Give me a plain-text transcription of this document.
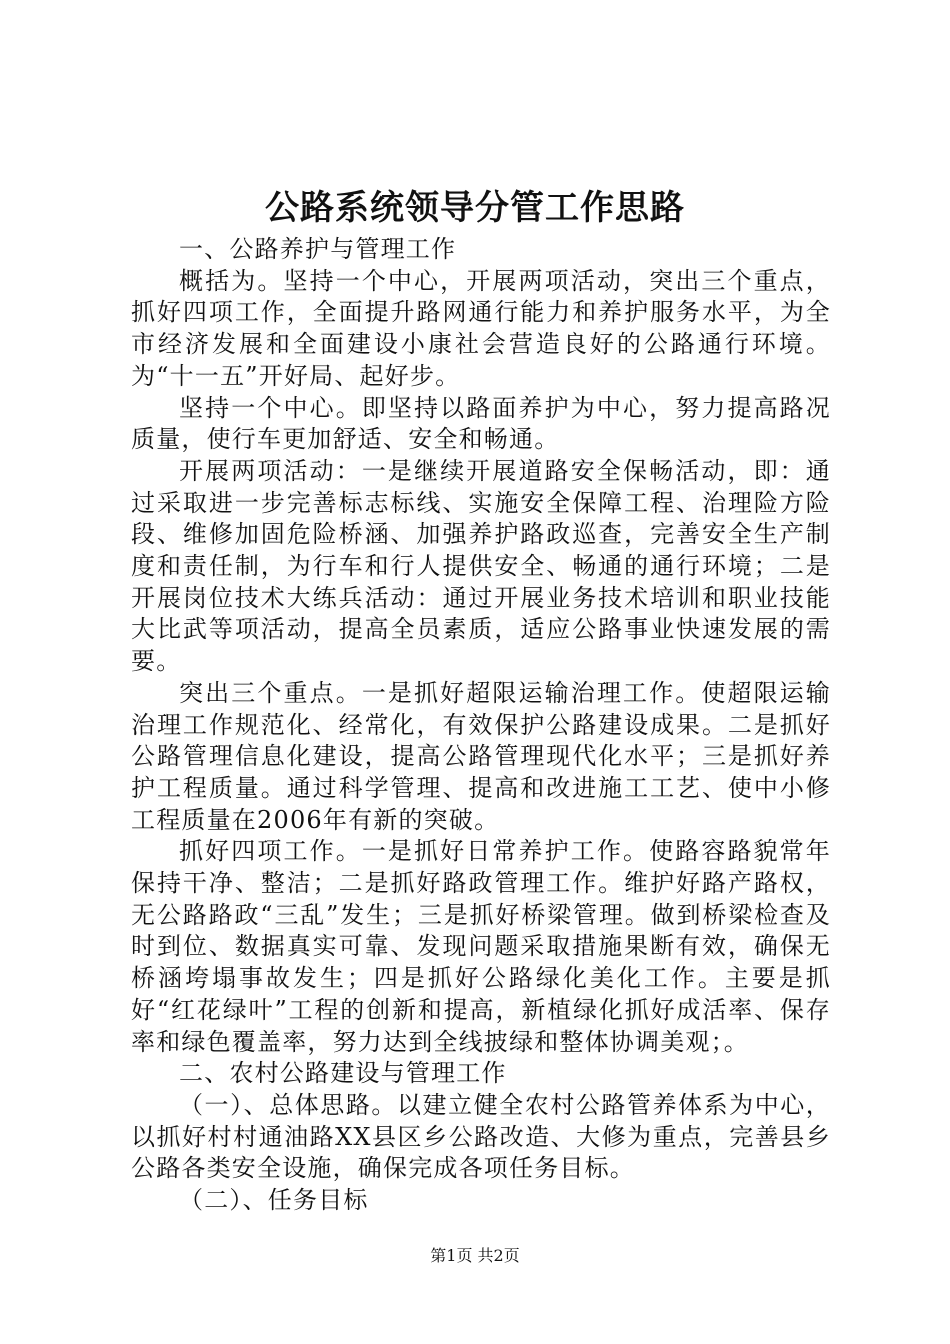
公路系统领导分管工作思路

一、公路养护与管理工作

概括为。坚持一个中心，开展两项活动，突出三个重点，抓好四项工作，全面提升路网通行能力和养护服务水平，为全市经济发展和全面建设小康社会营造良好的公路通行环境。为“十一五”开好局、起好步。

坚持一个中心。即坚持以路面养护为中心，努力提高路况质量，使行车更加舒适、安全和畅通。

开展两项活动：一是继续开展道路安全保畅活动，即：通过采取进一步完善标志标线、实施安全保障工程、治理险方险段、维修加固危险桥涵、加强养护路政巡查，完善安全生产制度和责任制，为行车和行人提供安全、畅通的通行环境；二是开展岗位技术大练兵活动：通过开展业务技术培训和职业技能大比武等项活动，提高全员素质，适应公路事业快速发展的需要。

突出三个重点。一是抓好超限运输治理工作。使超限运输治理工作规范化、经常化，有效保护公路建设成果。二是抓好公路管理信息化建设，提高公路管理现代化水平；三是抓好养护工程质量。通过科学管理、提高和改进施工工艺、使中小修工程质量在2006年有新的突破。

抓好四项工作。一是抓好日常养护工作。使路容路貌常年保持干净、整洁；二是抓好路政管理工作。维护好路产路权，无公路路政“三乱”发生；三是抓好桥梁管理。做到桥梁检查及时到位、数据真实可靠、发现问题采取措施果断有效，确保无桥涵垮塌事故发生；四是抓好公路绿化美化工作。主要是抓好“红花绿叶”工程的创新和提高，新植绿化抓好成活率、保存率和绿色覆盖率，努力达到全线披绿和整体协调美观；。

二、农村公路建设与管理工作

（一）、总体思路。以建立健全农村公路管养体系为中心，以抓好村村通油路XX县区乡公路改造、大修为重点，完善县乡公路各类安全设施，确保完成各项任务目标。

（二）、任务目标

第1页 共2页
